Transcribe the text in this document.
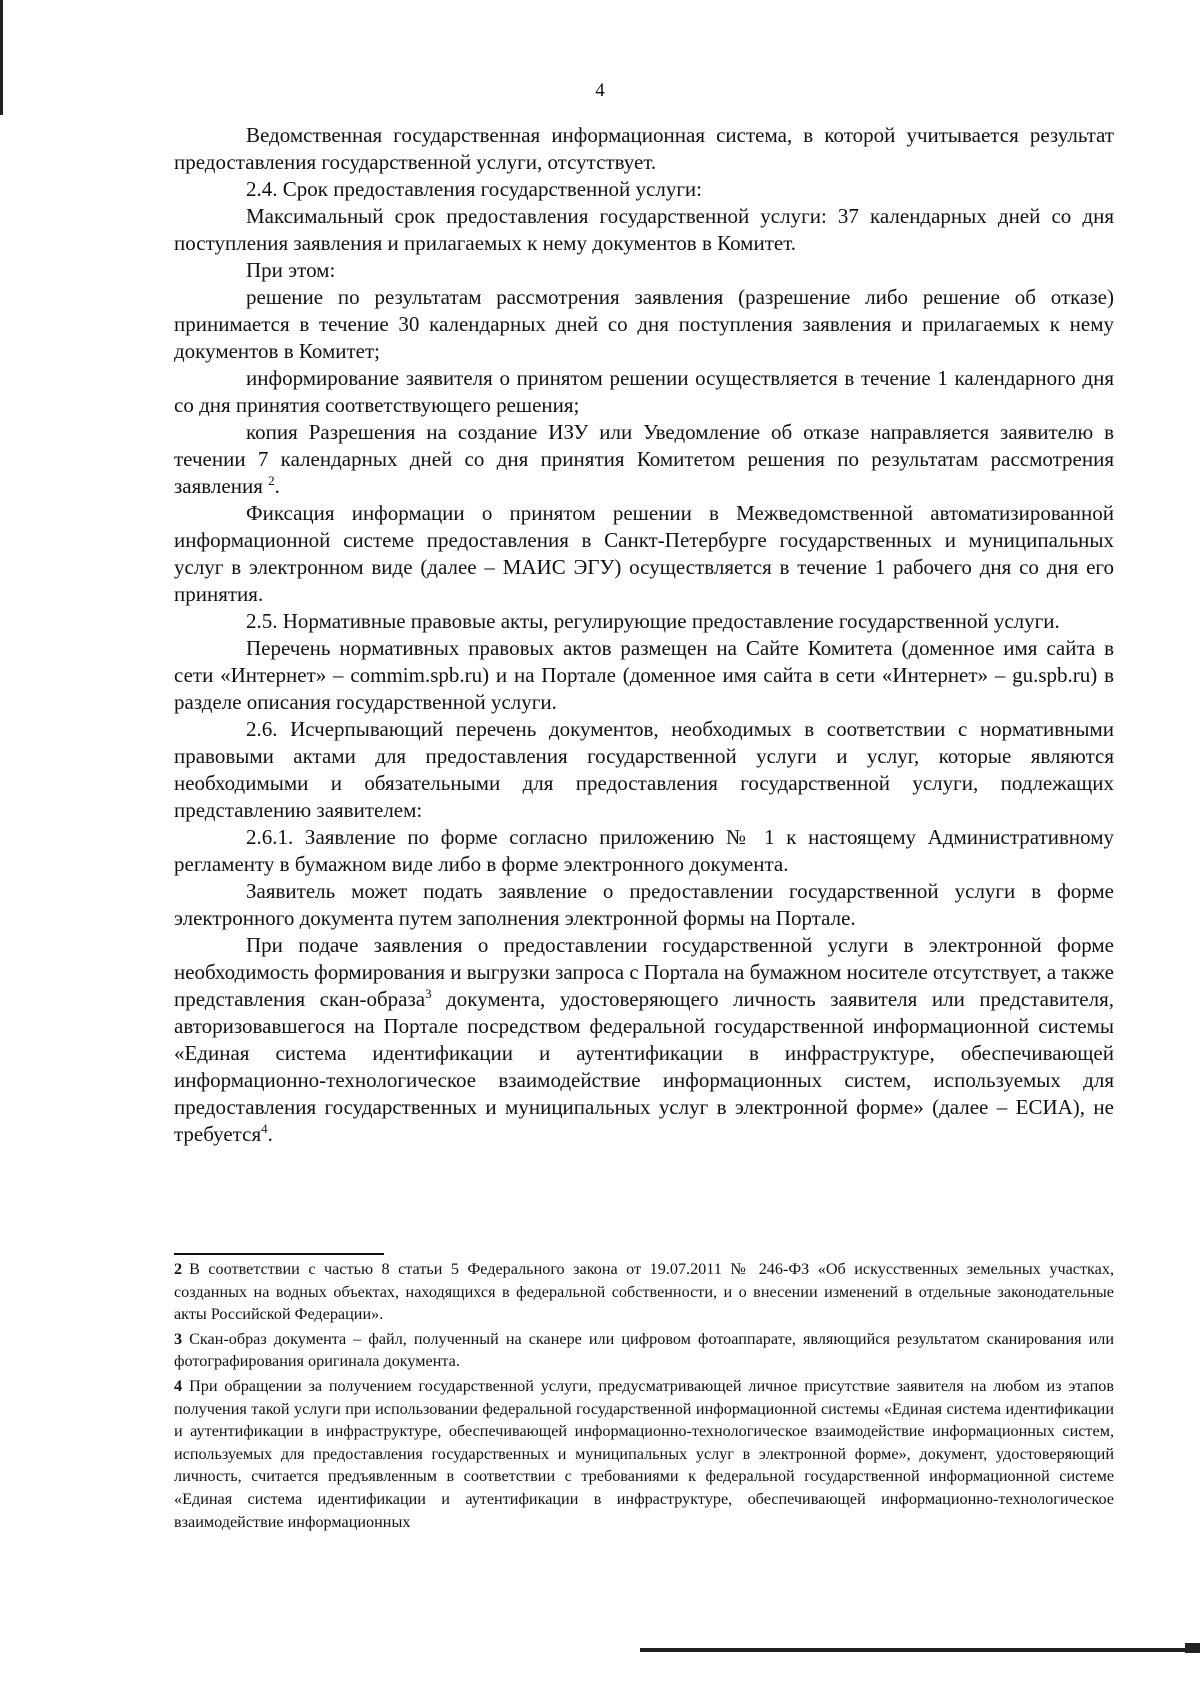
4

Ведомственная государственная информационная система, в которой учитывается результат предоставления государственной услуги, отсутствует.

2.4. Срок предоставления государственной услуги:

Максимальный срок предоставления государственной услуги: 37 календарных дней со дня поступления заявления и прилагаемых к нему документов в Комитет.

При этом:

решение по результатам рассмотрения заявления (разрешение либо решение об отказе) принимается в течение 30 календарных дней со дня поступления заявления и прилагаемых к нему документов в Комитет;

информирование заявителя о принятом решении осуществляется в течение 1 календарного дня со дня принятия соответствующего решения;

копия Разрешения на создание ИЗУ или Уведомление об отказе направляется заявителю в течении 7 календарных дней со дня принятия Комитетом решения по результатам рассмотрения заявления $^2$.

Фиксация информации о принятом решении в Межведомственной автоматизированной информационной системе предоставления в Санкт-Петербурге государственных и муниципальных услуг в электронном виде (далее – МАИС ЭГУ) осуществляется в течение 1 рабочего дня со дня его принятия.

2.5. Нормативные правовые акты, регулирующие предоставление государственной услуги.

Перечень нормативных правовых актов размещен на Сайте Комитета (доменное имя сайта в сети «Интернет» – commim.spb.ru) и на Портале (доменное имя сайта в сети «Интернет» – gu.spb.ru) в разделе описания государственной услуги.

2.6. Исчерпывающий перечень документов, необходимых в соответствии с нормативными правовыми актами для предоставления государственной услуги и услуг, которые являются необходимыми и обязательными для предоставления государственной услуги, подлежащих представлению заявителем:

2.6.1. Заявление по форме согласно приложению № 1 к настоящему Административному регламенту в бумажном виде либо в форме электронного документа.

Заявитель может подать заявление о предоставлении государственной услуги в форме электронного документа путем заполнения электронной формы на Портале.

При подаче заявления о предоставлении государственной услуги в электронной форме необходимость формирования и выгрузки запроса с Портала на бумажном носителе отсутствует, а также представления скан-образа$^3$ документа, удостоверяющего личность заявителя или представителя, авторизовавшегося на Портале посредством федеральной государственной информационной системы «Единая система идентификации и аутентификации в инфраструктуре, обеспечивающей информационно-технологическое взаимодействие информационных систем, используемых для предоставления государственных и муниципальных услуг в электронной форме» (далее – ЕСИА), не требуется$^4$.

2 В соответствии с частью 8 статьи 5 Федерального закона от 19.07.2011 № 246-ФЗ «Об искусственных земельных участках, созданных на водных объектах, находящихся в федеральной собственности, и о внесении изменений в отдельные законодательные акты Российской Федерации».

3 Скан-образ документа – файл, полученный на сканере или цифровом фотоаппарате, являющийся результатом сканирования или фотографирования оригинала документа.

4 При обращении за получением государственной услуги, предусматривающей личное присутствие заявителя на любом из этапов получения такой услуги при использовании федеральной государственной информационной системы «Единая система идентификации и аутентификации в инфраструктуре, обеспечивающей информационно-технологическое взаимодействие информационных систем, используемых для предоставления государственных и муниципальных услуг в электронной форме», документ, удостоверяющий личность, считается предъявленным в соответствии с требованиями к федеральной государственной информационной системе «Единая система идентификации и аутентификации в инфраструктуре, обеспечивающей информационно-технологическое взаимодействие информационных
